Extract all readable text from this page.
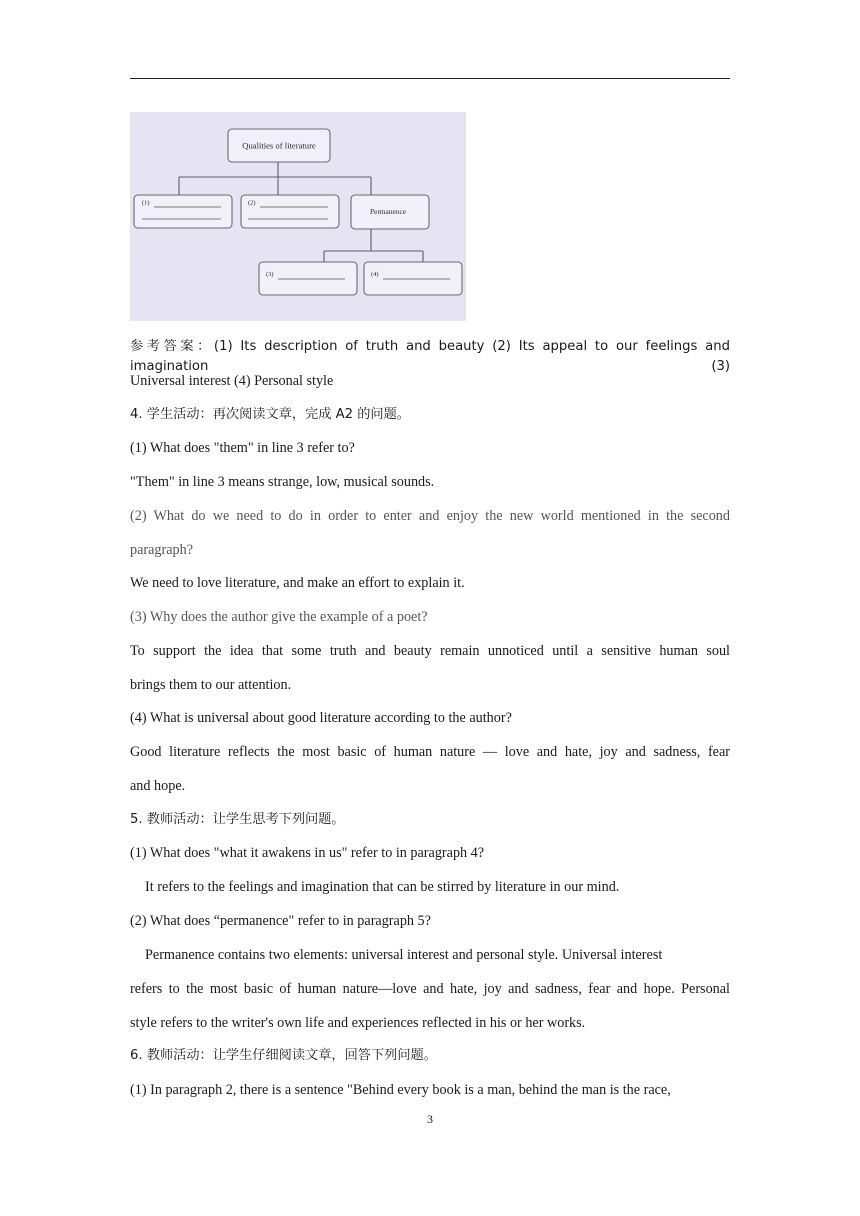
Qualities of literature
(1)	(2)
Permanence
(3)	(4)
参考答案：(1) Its description of truth and beauty (2) Its appeal to our feelings and imagination (3)
Universal interest (4) Personal style
4. 学生活动：再次阅读文章，完成 A2 的问题。
(1) What does "them" in line 3 refer to?
"Them" in line 3 means strange, low, musical sounds.
(2) What do we need to do in order to enter and enjoy the new world mentioned in the second
paragraph?
We need to love literature, and make an effort to explain it.
(3) Why does the author give the example of a poet?
To support the idea that some truth and beauty remain unnoticed until a sensitive human soul
brings them to our attention.
(4) What is universal about good literature according to the author?
Good literature reflects the most basic of human nature — love and hate, joy and sadness, fear
and hope.
5. 教师活动：让学生思考下列问题。
(1) What does "what it awakens in us" refer to in paragraph 4?
It refers to the feelings and imagination that can be stirred by literature in our mind.
(2) What does “permanence" refer to in paragraph 5?
Permanence contains two elements: universal interest and personal style. Universal interest
refers to the most basic of human nature—love and hate, joy and sadness, fear and hope. Personal
style refers to the writer's own life and experiences reflected in his or her works.
6. 教师活动：让学生仔细阅读文章，回答下列问题。
(1) In paragraph 2, there is a sentence "Behind every book is a man, behind the man is the race,
3
